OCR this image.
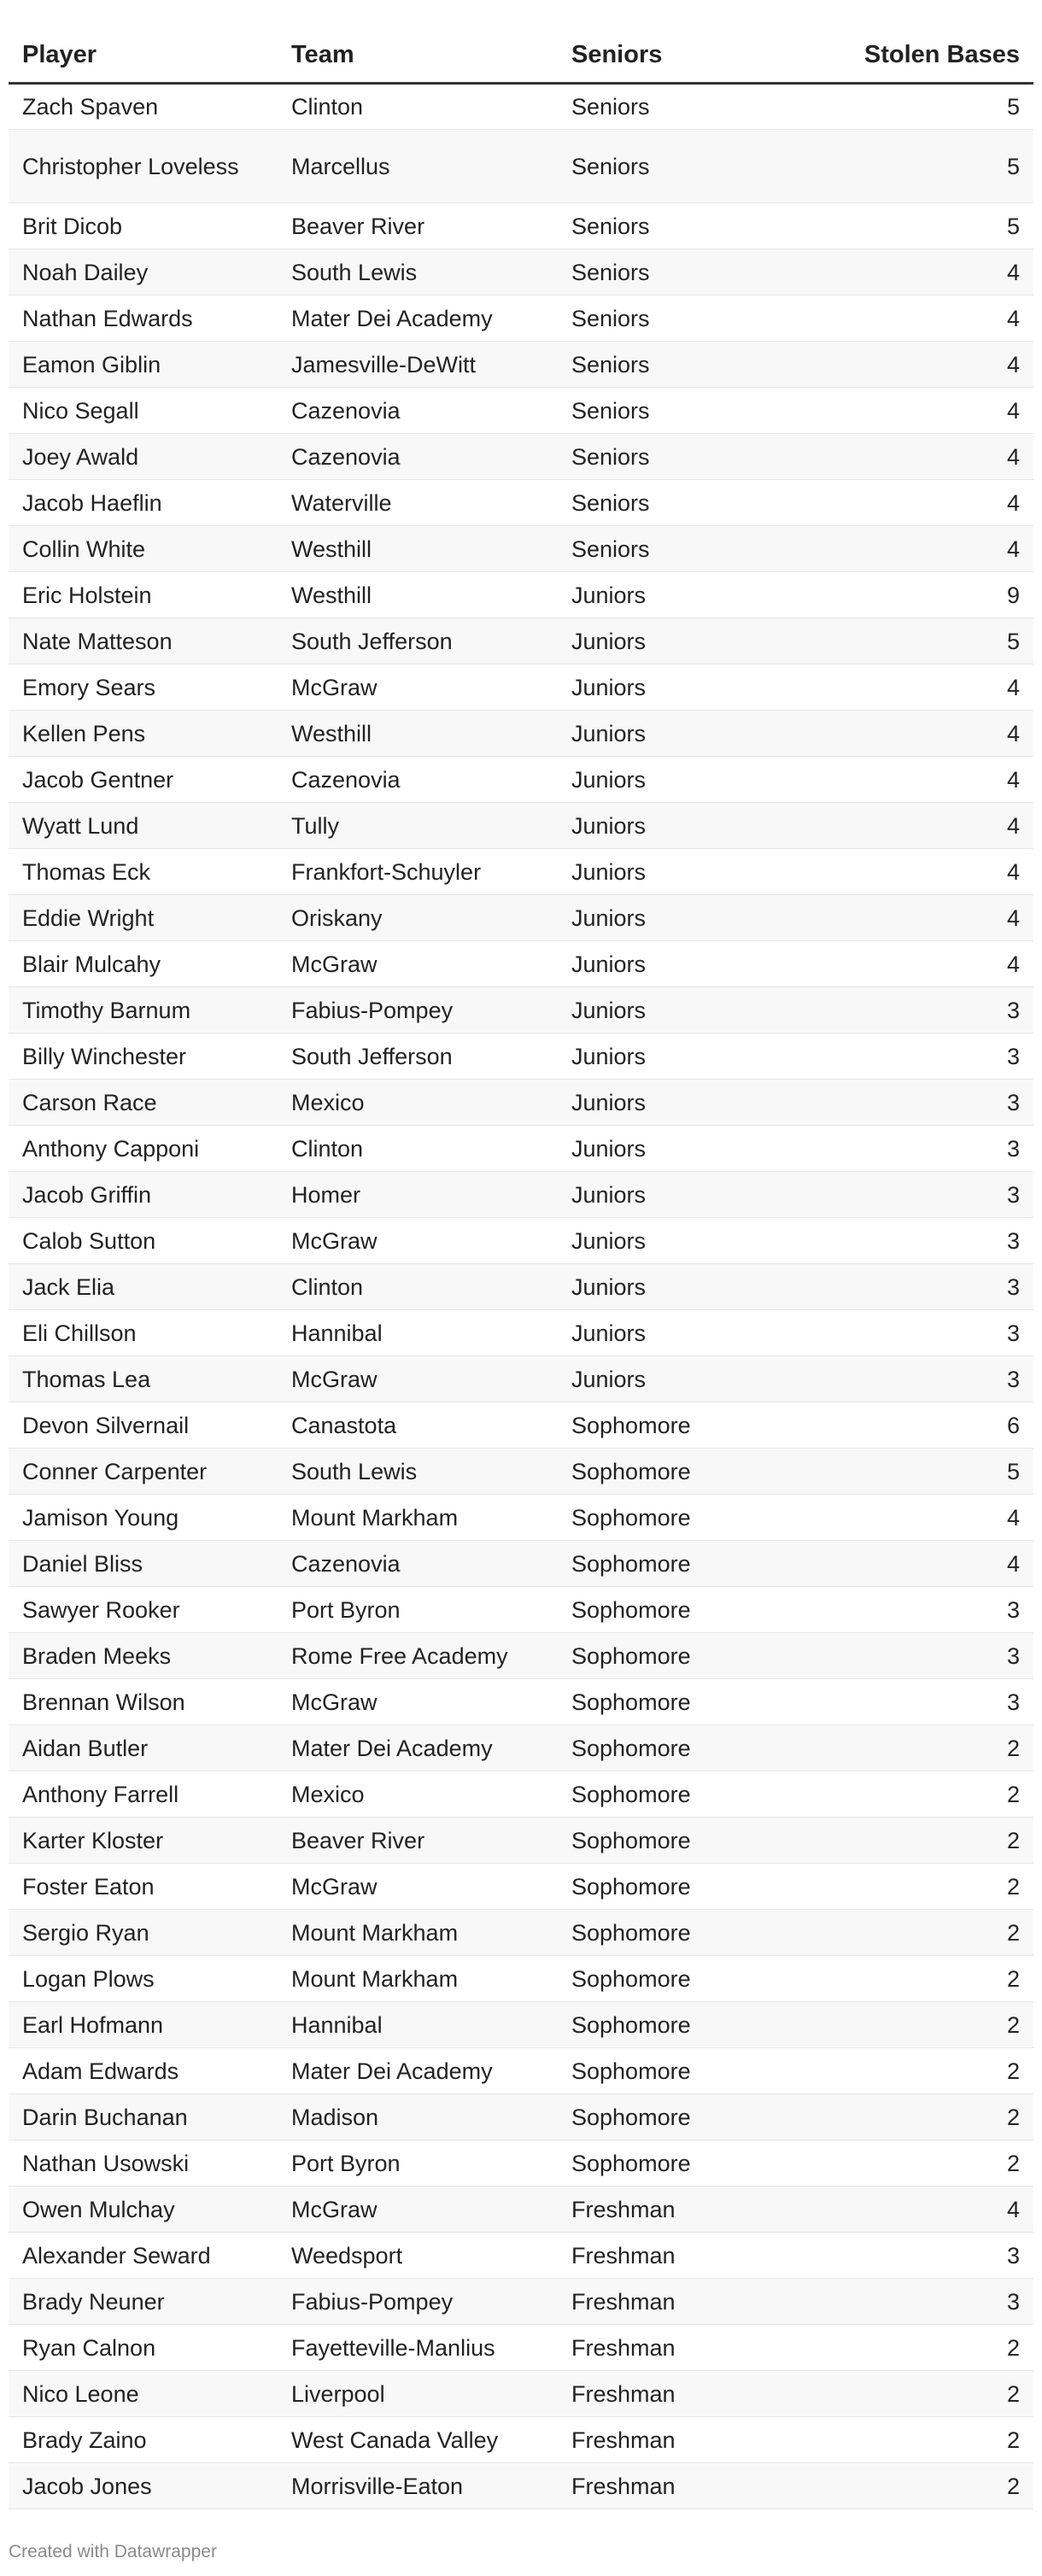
Player	Team	Seniors	Stolen Bases
Zach Spaven	Clinton	Seniors	5
Christopher Loveless	Marcellus	Seniors	5
Brit Dicob	Beaver River	Seniors	5
Noah Dailey	South Lewis	Seniors	4
Nathan Edwards	Mater Dei Academy	Seniors	4
Eamon Giblin	Jamesville-DeWitt	Seniors	4
Nico Segall	Cazenovia	Seniors	4
Joey Awald	Cazenovia	Seniors	4
Jacob Haeflin	Waterville	Seniors	4
Collin White	Westhill	Seniors	4
Eric Holstein	Westhill	Juniors	9
Nate Matteson	South Jefferson	Juniors	5
Emory Sears	McGraw	Juniors	4
Kellen Pens	Westhill	Juniors	4
Jacob Gentner	Cazenovia	Juniors	4
Wyatt Lund	Tully	Juniors	4
Thomas Eck	Frankfort-Schuyler	Juniors	4
Eddie Wright	Oriskany	Juniors	4
Blair Mulcahy	McGraw	Juniors	4
Timothy Barnum	Fabius-Pompey	Juniors	3
Billy Winchester	South Jefferson	Juniors	3
Carson Race	Mexico	Juniors	3
Anthony Capponi	Clinton	Juniors	3
Jacob Griffin	Homer	Juniors	3
Calob Sutton	McGraw	Juniors	3
Jack Elia	Clinton	Juniors	3
Eli Chillson	Hannibal	Juniors	3
Thomas Lea	McGraw	Juniors	3
Devon Silvernail	Canastota	Sophomore	6
Conner Carpenter	South Lewis	Sophomore	5
Jamison Young	Mount Markham	Sophomore	4
Daniel Bliss	Cazenovia	Sophomore	4
Sawyer Rooker	Port Byron	Sophomore	3
Braden Meeks	Rome Free Academy	Sophomore	3
Brennan Wilson	McGraw	Sophomore	3
Aidan Butler	Mater Dei Academy	Sophomore	2
Anthony Farrell	Mexico	Sophomore	2
Karter Kloster	Beaver River	Sophomore	2
Foster Eaton	McGraw	Sophomore	2
Sergio Ryan	Mount Markham	Sophomore	2
Logan Plows	Mount Markham	Sophomore	2
Earl Hofmann	Hannibal	Sophomore	2
Adam Edwards	Mater Dei Academy	Sophomore	2
Darin Buchanan	Madison	Sophomore	2
Nathan Usowski	Port Byron	Sophomore	2
Owen Mulchay	McGraw	Freshman	4
Alexander Seward	Weedsport	Freshman	3
Brady Neuner	Fabius-Pompey	Freshman	3
Ryan Calnon	Fayetteville-Manlius	Freshman	2
Nico Leone	Liverpool	Freshman	2
Brady Zaino	West Canada Valley	Freshman	2
Jacob Jones	Morrisville-Eaton	Freshman	2
Created with Datawrapper
